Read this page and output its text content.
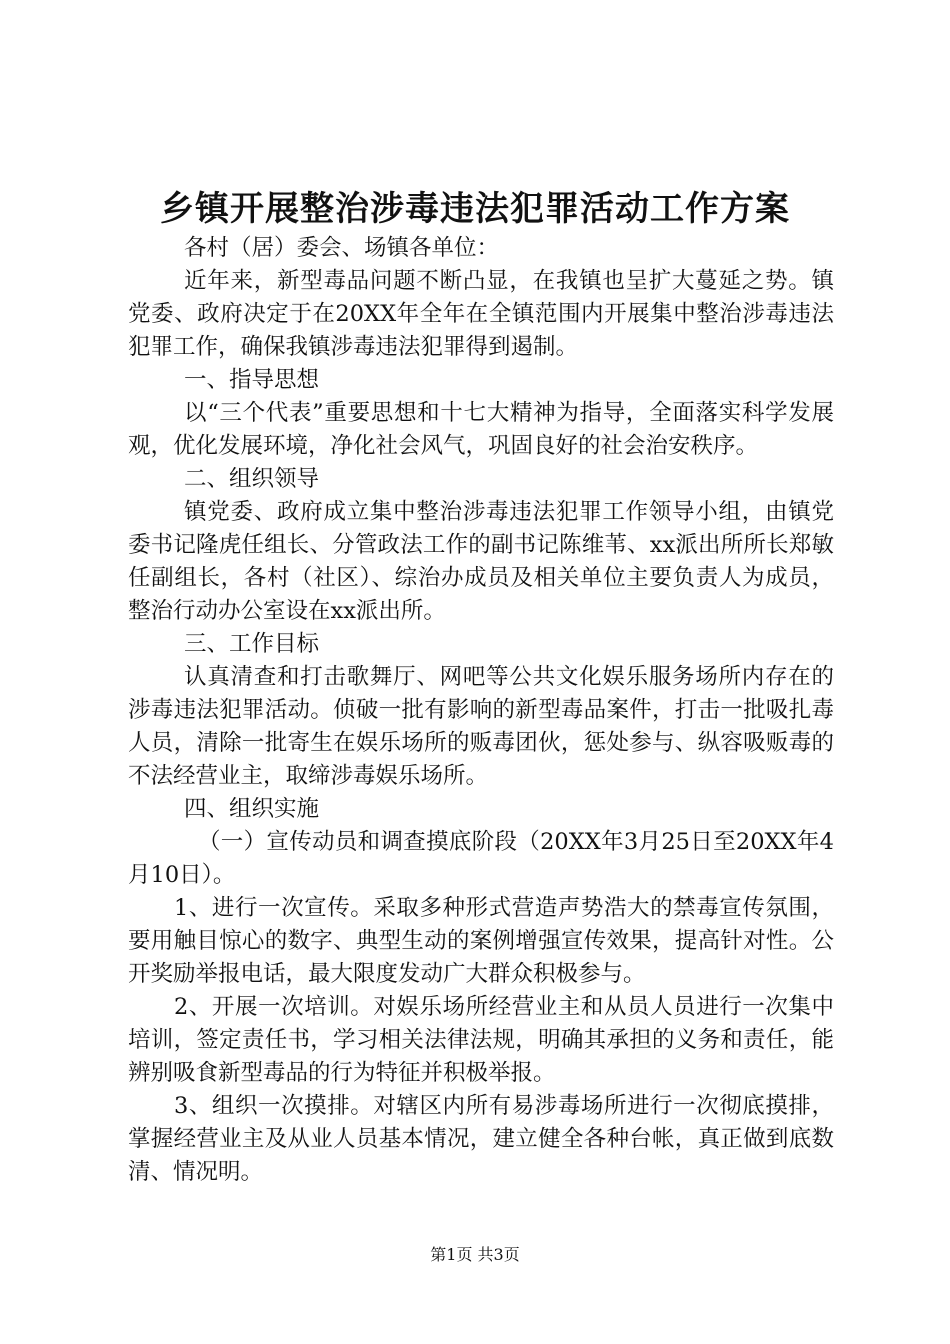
乡镇开展整治涉毒违法犯罪活动工作方案

各村（居）委会、场镇各单位：

近年来，新型毒品问题不断凸显，在我镇也呈扩大蔓延之势。镇党委、政府决定于在20XX年全年在全镇范围内开展集中整治涉毒违法犯罪工作，确保我镇涉毒违法犯罪得到遏制。

一、指导思想

以“三个代表”重要思想和十七大精神为指导，全面落实科学发展观，优化发展环境，净化社会风气，巩固良好的社会治安秩序。

二、组织领导

镇党委、政府成立集中整治涉毒违法犯罪工作领导小组，由镇党委书记隆虎任组长、分管政法工作的副书记陈维苇、xx派出所所长郑敏任副组长，各村（社区）、综治办成员及相关单位主要负责人为成员，整治行动办公室设在xx派出所。

三、工作目标

认真清查和打击歌舞厅、网吧等公共文化娱乐服务场所内存在的涉毒违法犯罪活动。侦破一批有影响的新型毒品案件，打击一批吸扎毒人员，清除一批寄生在娱乐场所的贩毒团伙，惩处参与、纵容吸贩毒的不法经营业主，取缔涉毒娱乐场所。

四、组织实施

（一）宣传动员和调查摸底阶段（20XX年3月25日至20XX年4月10日）。

1、进行一次宣传。采取多种形式营造声势浩大的禁毒宣传氛围，要用触目惊心的数字、典型生动的案例增强宣传效果，提高针对性。公开奖励举报电话，最大限度发动广大群众积极参与。

2、开展一次培训。对娱乐场所经营业主和从员人员进行一次集中培训，签定责任书，学习相关法律法规，明确其承担的义务和责任，能辨别吸食新型毒品的行为特征并积极举报。

3、组织一次摸排。对辖区内所有易涉毒场所进行一次彻底摸排，掌握经营业主及从业人员基本情况，建立健全各种台帐，真正做到底数清、情况明。

第1页 共3页
